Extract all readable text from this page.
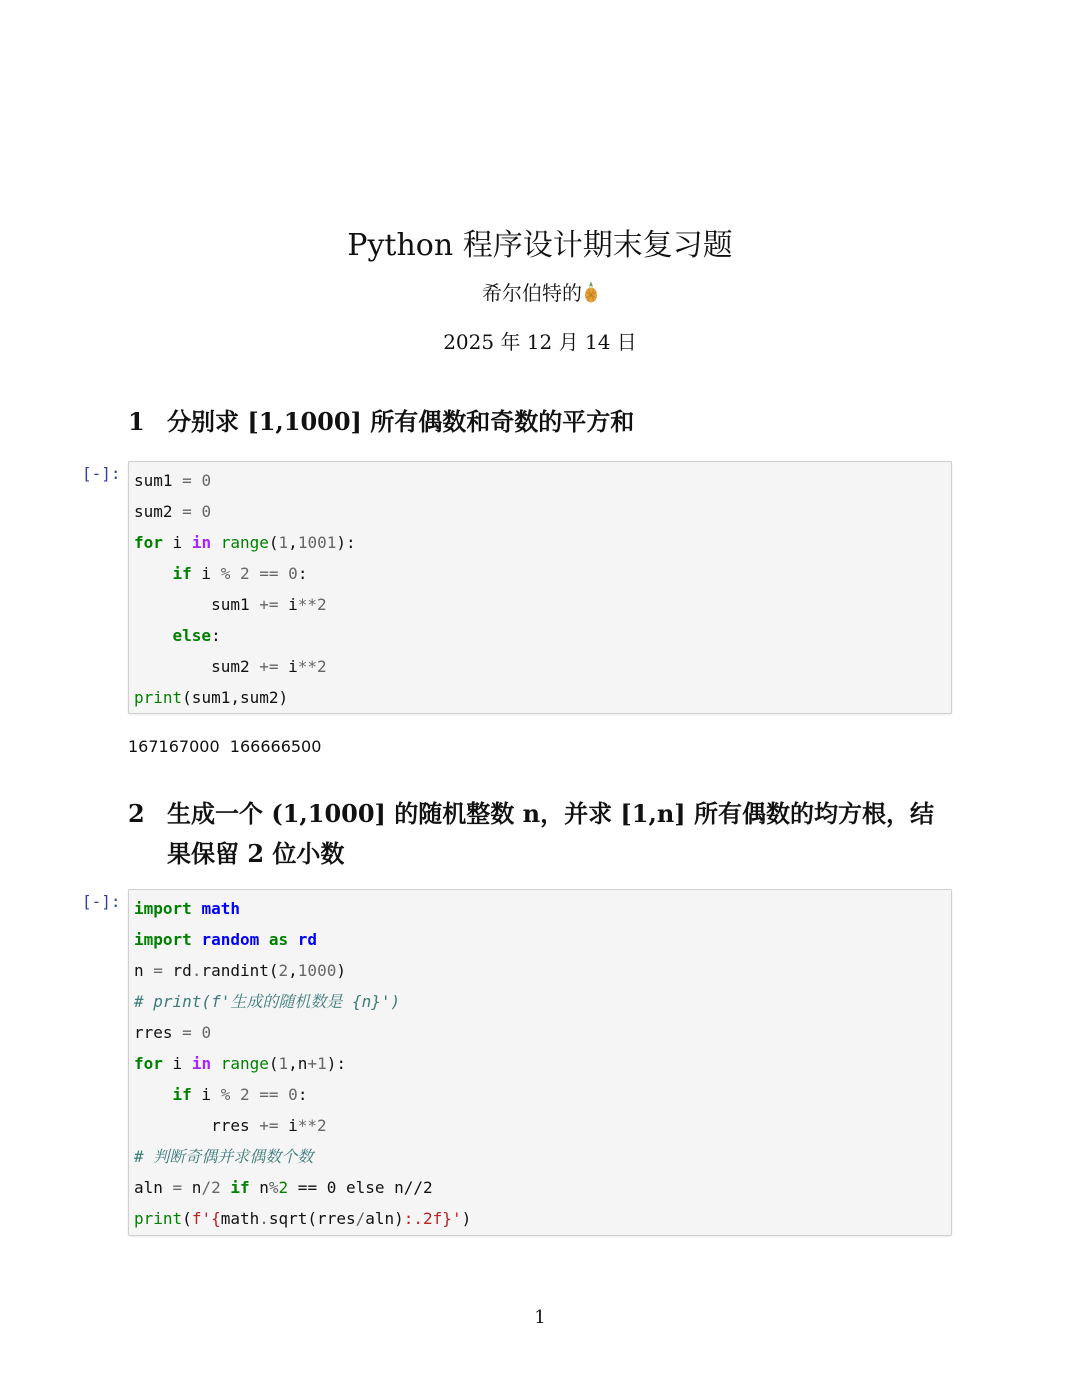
Python 程序设计期末复习题
希尔伯特的
2025 年 12 月 14 日
1 分别求 [1,1000] 所有偶数和奇数的平方和
[-]: sum1 = 0
sum2 = 0
for i in range(1,1001):
if i % 2 == 0:
sum1 += i**2
else:
sum2 += i**2
print(sum1,sum2)
167167000  166666500
2 生成一个 (1,1000] 的随机整数 n，并求 [1,n] 所有偶数的均方根，结果保留 2 位小数
[-]: import math
import random as rd
n = rd.randint(2,1000)
# print(f'生成的随机数是 {n}')
rres = 0
for i in range(1,n+1):
if i % 2 == 0:
rres += i**2
# 判断奇偶并求偶数个数
aln = n/2 if n%2 == 0 else n//2
print(f'{math.sqrt(rres/aln):.2f}')
1
